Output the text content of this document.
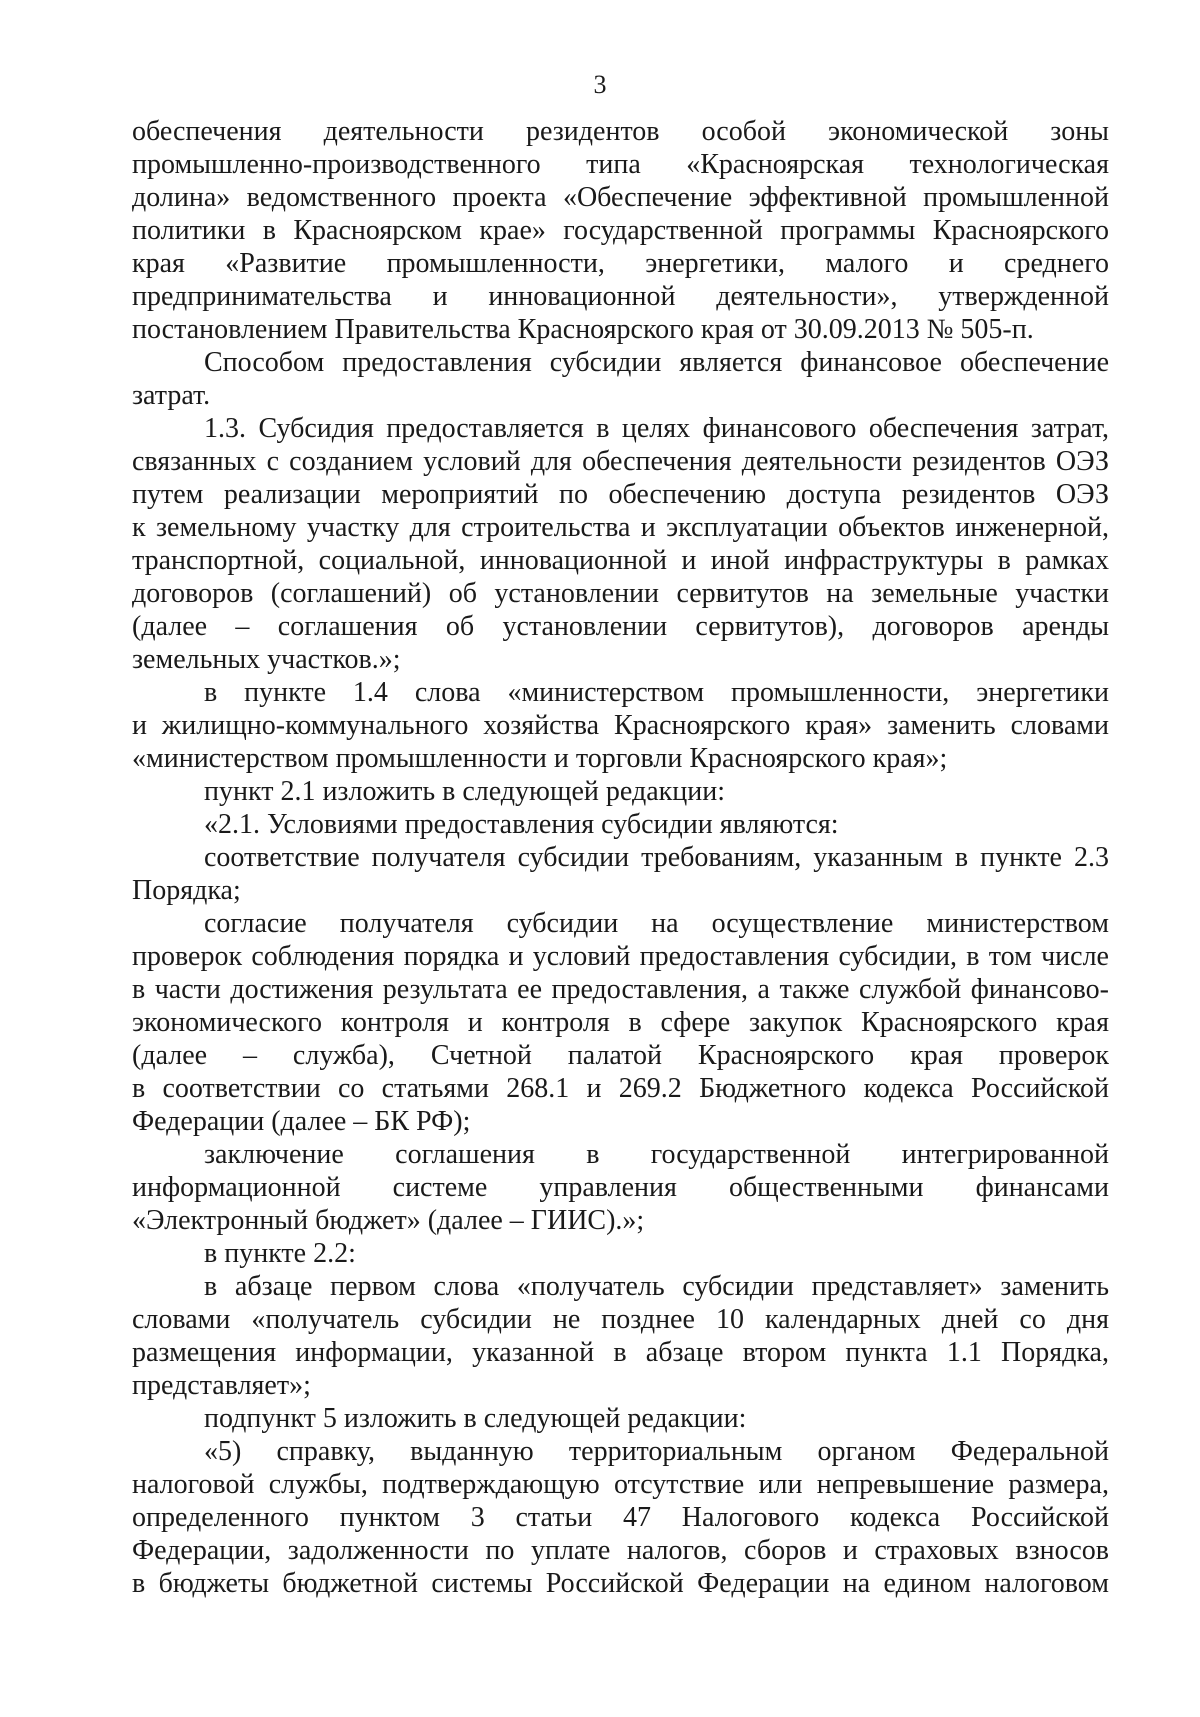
3
обеспечения деятельности резидентов особой экономической зоны
промышленно-производственного типа «Красноярская технологическая
долина» ведомственного проекта «Обеспечение эффективной промышленной
политики в Красноярском крае» государственной программы Красноярского
края «Развитие промышленности, энергетики, малого и среднего
предпринимательства и инновационной деятельности», утвержденной
постановлением Правительства Красноярского края от 30.09.2013 № 505-п.
Способом предоставления субсидии является финансовое обеспечение
затрат.
1.3. Субсидия предоставляется в целях финансового обеспечения затрат,
связанных с созданием условий для обеспечения деятельности резидентов ОЭЗ
путем реализации мероприятий по обеспечению доступа резидентов ОЭЗ
к земельному участку для строительства и эксплуатации объектов инженерной,
транспортной, социальной, инновационной и иной инфраструктуры в рамках
договоров (соглашений) об установлении сервитутов на земельные участки
(далее – соглашения об установлении сервитутов), договоров аренды
земельных участков.»;
в пункте 1.4 слова «министерством промышленности, энергетики
и жилищно-коммунального хозяйства Красноярского края» заменить словами
«министерством промышленности и торговли Красноярского края»;
пункт 2.1 изложить в следующей редакции:
«2.1. Условиями предоставления субсидии являются:
соответствие получателя субсидии требованиям, указанным в пункте 2.3
Порядка;
согласие получателя субсидии на осуществление министерством
проверок соблюдения порядка и условий предоставления субсидии, в том числе
в части достижения результата ее предоставления, а также службой финансово-
экономического контроля и контроля в сфере закупок Красноярского края
(далее – служба), Счетной палатой Красноярского края проверок
в соответствии со статьями 268.1 и 269.2 Бюджетного кодекса Российской
Федерации (далее – БК РФ);
заключение соглашения в государственной интегрированной
информационной системе управления общественными финансами
«Электронный бюджет» (далее – ГИИС).»;
в пункте 2.2:
в абзаце первом слова «получатель субсидии представляет» заменить
словами «получатель субсидии не позднее 10 календарных дней со дня
размещения информации, указанной в абзаце втором пункта 1.1 Порядка,
представляет»;
подпункт 5 изложить в следующей редакции:
«5) справку, выданную территориальным органом Федеральной
налоговой службы, подтверждающую отсутствие или непревышение размера,
определенного пунктом 3 статьи 47 Налогового кодекса Российской
Федерации, задолженности по уплате налогов, сборов и страховых взносов
в бюджеты бюджетной системы Российской Федерации на едином налоговом
